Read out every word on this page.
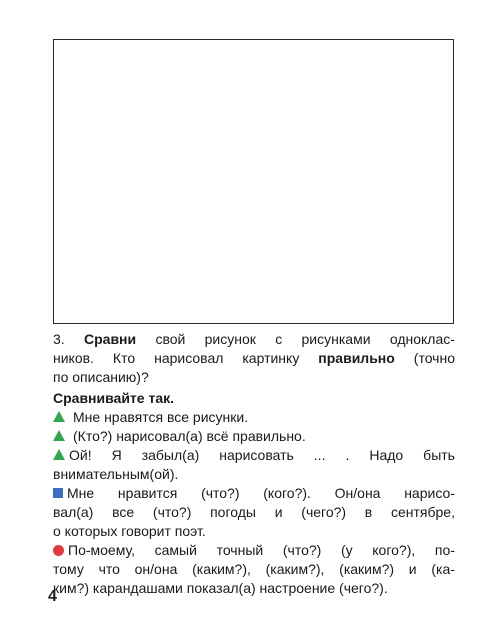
3. Сравни свой рисунок с рисунками одноклас-
ников. Кто нарисовал картинку правильно (точно
по описанию)?
Сравнивайте так.
Мне нравятся все рисунки.
(Кто?) нарисовал(а) всё правильно.
Ой! Я забыл(а) нарисовать ... . Надо быть
внимательным(ой).
Мне нравится (что?) (кого?). Он/она нарисо-
вал(а) все (что?) погоды и (чего?) в сентябре,
о которых говорит поэт.
По-моему, самый точный (что?) (у кого?), по-
тому что он/она (каким?), (каким?), (каким?) и (ка-
ким?) карандашами показал(а) настроение (чего?).
4
